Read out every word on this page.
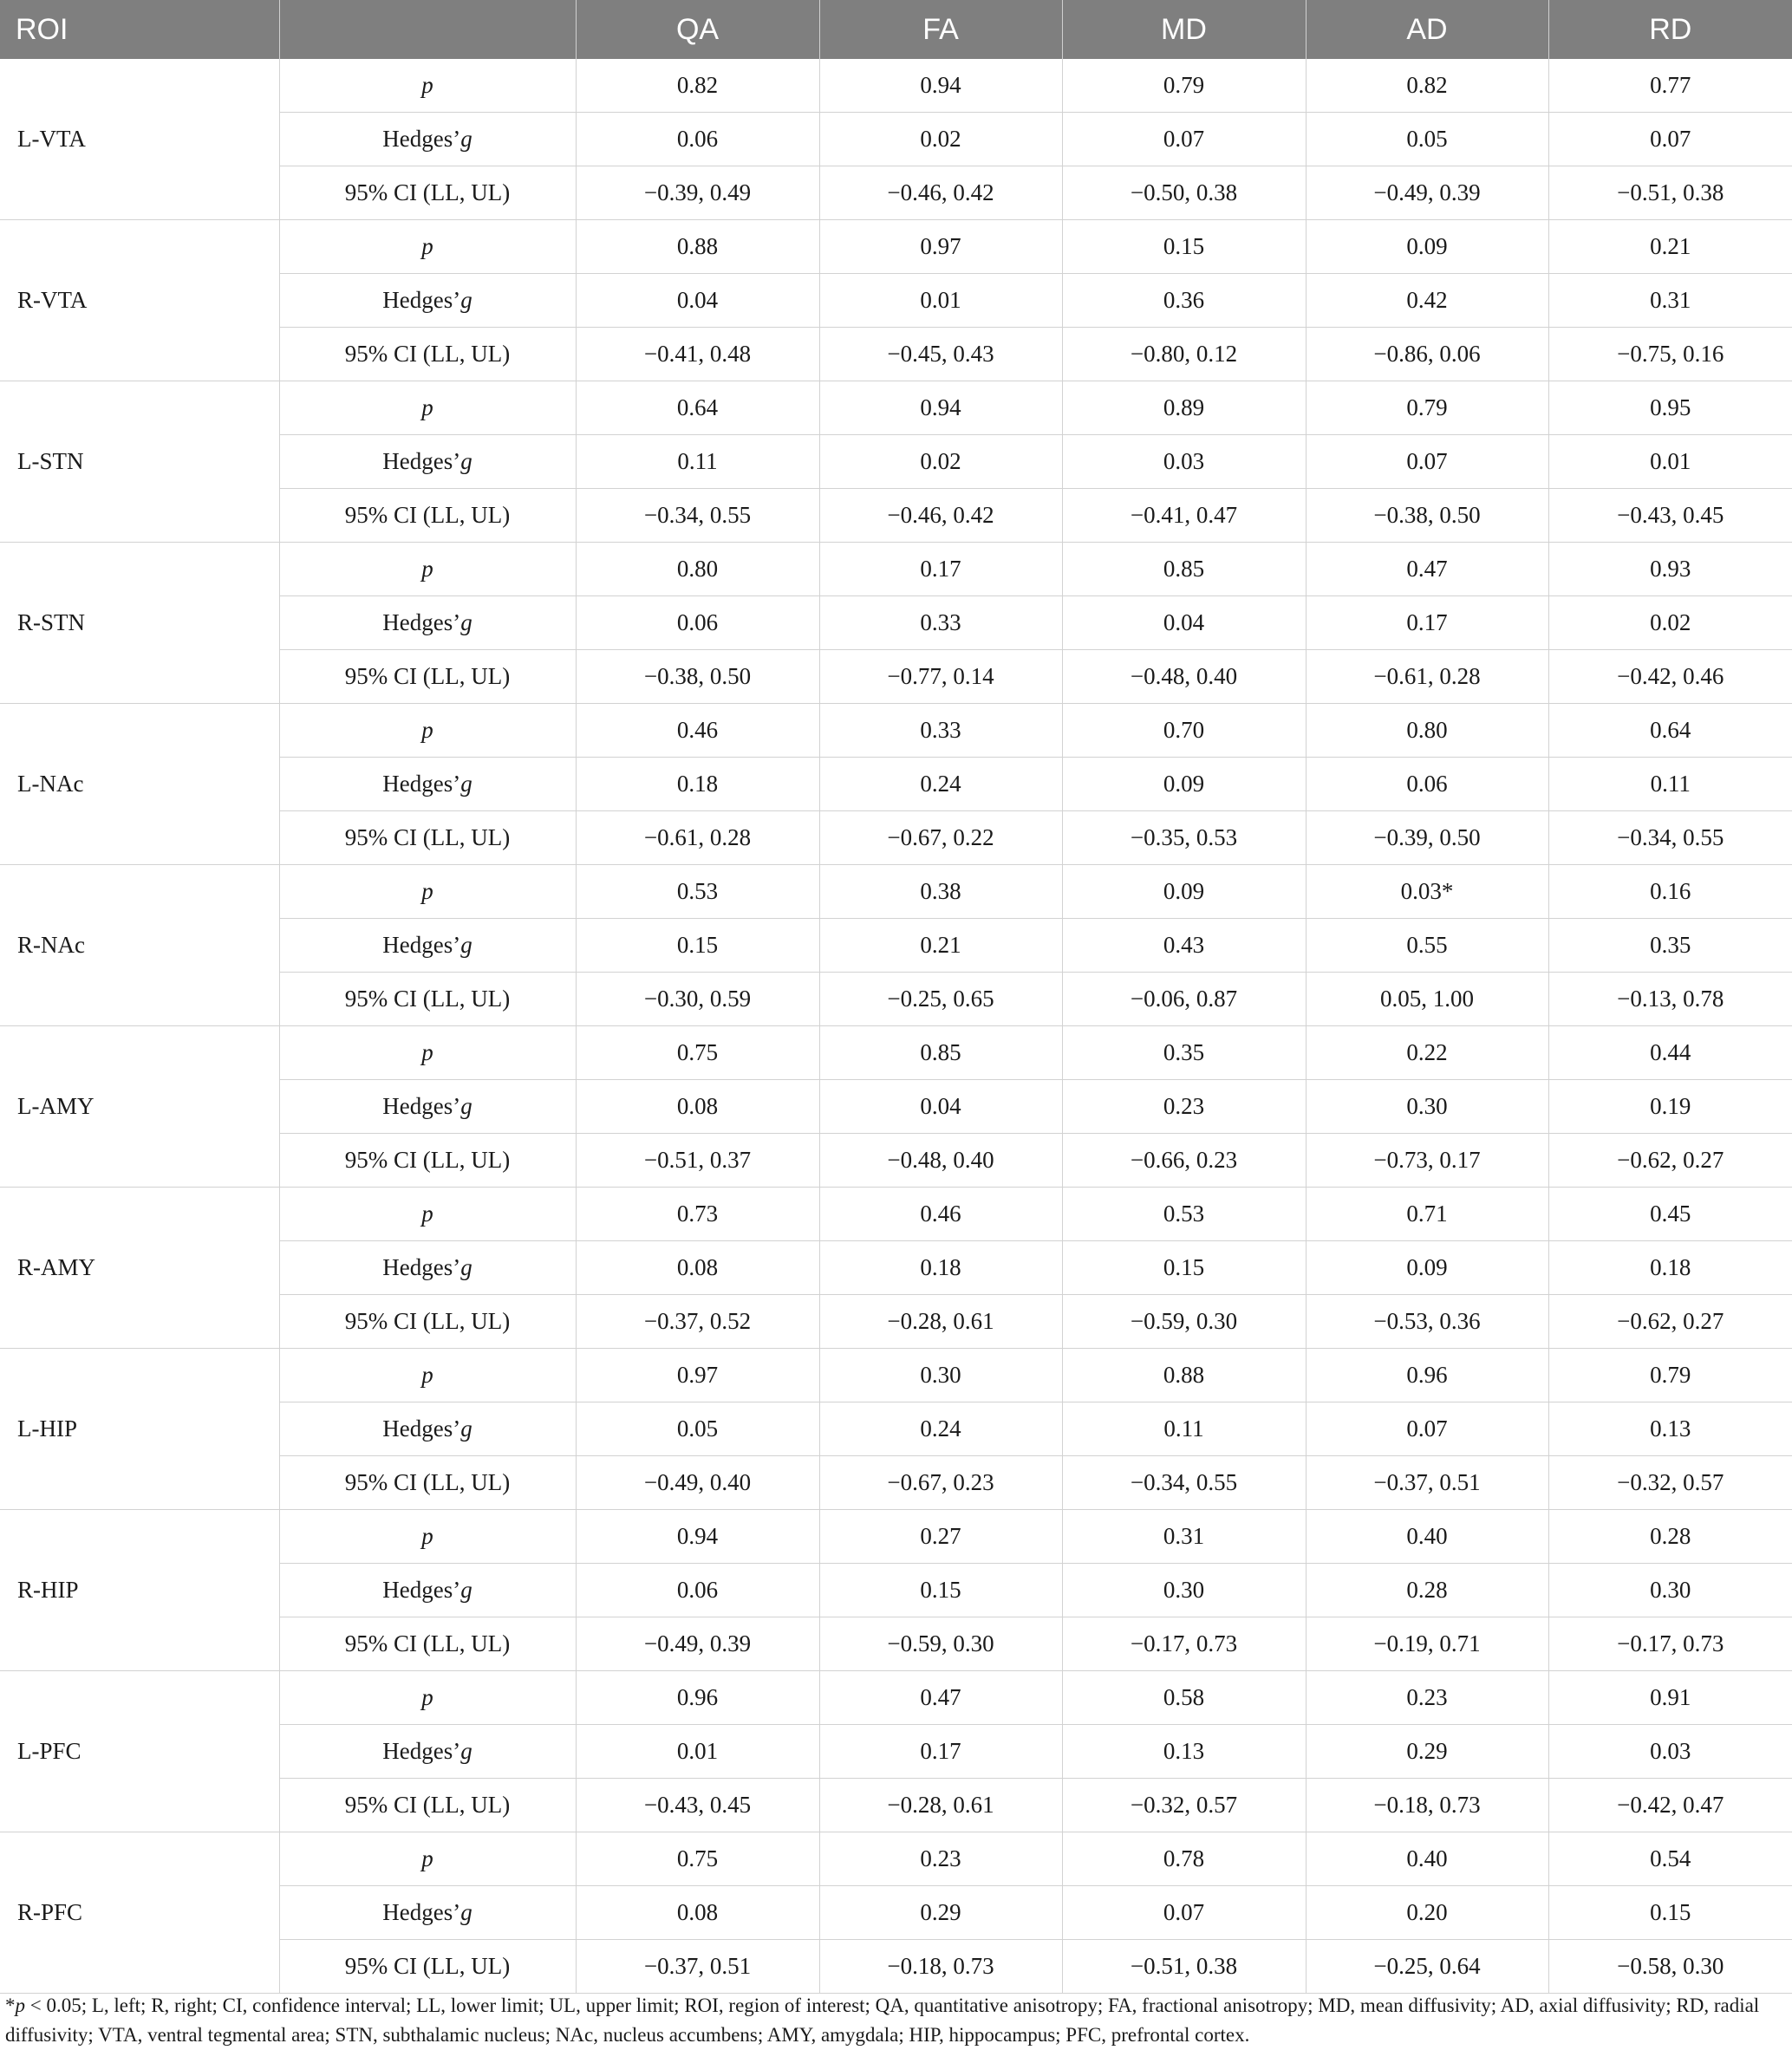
ROI		QA	FA	MD	AD	RD
L-VTA	p	0.82	0.94	0.79	0.82	0.77
	Hedges’g	0.06	0.02	0.07	0.05	0.07
	95% CI (LL, UL)	−0.39, 0.49	−0.46, 0.42	−0.50, 0.38	−0.49, 0.39	−0.51, 0.38
R-VTA	p	0.88	0.97	0.15	0.09	0.21
	Hedges’g	0.04	0.01	0.36	0.42	0.31
	95% CI (LL, UL)	−0.41, 0.48	−0.45, 0.43	−0.80, 0.12	−0.86, 0.06	−0.75, 0.16
L-STN	p	0.64	0.94	0.89	0.79	0.95
	Hedges’g	0.11	0.02	0.03	0.07	0.01
	95% CI (LL, UL)	−0.34, 0.55	−0.46, 0.42	−0.41, 0.47	−0.38, 0.50	−0.43, 0.45
R-STN	p	0.80	0.17	0.85	0.47	0.93
	Hedges’g	0.06	0.33	0.04	0.17	0.02
	95% CI (LL, UL)	−0.38, 0.50	−0.77, 0.14	−0.48, 0.40	−0.61, 0.28	−0.42, 0.46
L-NAc	p	0.46	0.33	0.70	0.80	0.64
	Hedges’g	0.18	0.24	0.09	0.06	0.11
	95% CI (LL, UL)	−0.61, 0.28	−0.67, 0.22	−0.35, 0.53	−0.39, 0.50	−0.34, 0.55
R-NAc	p	0.53	0.38	0.09	0.03*	0.16
	Hedges’g	0.15	0.21	0.43	0.55	0.35
	95% CI (LL, UL)	−0.30, 0.59	−0.25, 0.65	−0.06, 0.87	0.05, 1.00	−0.13, 0.78
L-AMY	p	0.75	0.85	0.35	0.22	0.44
	Hedges’g	0.08	0.04	0.23	0.30	0.19
	95% CI (LL, UL)	−0.51, 0.37	−0.48, 0.40	−0.66, 0.23	−0.73, 0.17	−0.62, 0.27
R-AMY	p	0.73	0.46	0.53	0.71	0.45
	Hedges’g	0.08	0.18	0.15	0.09	0.18
	95% CI (LL, UL)	−0.37, 0.52	−0.28, 0.61	−0.59, 0.30	−0.53, 0.36	−0.62, 0.27
L-HIP	p	0.97	0.30	0.88	0.96	0.79
	Hedges’g	0.05	0.24	0.11	0.07	0.13
	95% CI (LL, UL)	−0.49, 0.40	−0.67, 0.23	−0.34, 0.55	−0.37, 0.51	−0.32, 0.57
R-HIP	p	0.94	0.27	0.31	0.40	0.28
	Hedges’g	0.06	0.15	0.30	0.28	0.30
	95% CI (LL, UL)	−0.49, 0.39	−0.59, 0.30	−0.17, 0.73	−0.19, 0.71	−0.17, 0.73
L-PFC	p	0.96	0.47	0.58	0.23	0.91
	Hedges’g	0.01	0.17	0.13	0.29	0.03
	95% CI (LL, UL)	−0.43, 0.45	−0.28, 0.61	−0.32, 0.57	−0.18, 0.73	−0.42, 0.47
R-PFC	p	0.75	0.23	0.78	0.40	0.54
	Hedges’g	0.08	0.29	0.07	0.20	0.15
	95% CI (LL, UL)	−0.37, 0.51	−0.18, 0.73	−0.51, 0.38	−0.25, 0.64	−0.58, 0.30
*p < 0.05; L, left; R, right; CI, confidence interval; LL, lower limit; UL, upper limit; ROI, region of interest; QA, quantitative anisotropy; FA, fractional anisotropy; MD, mean diffusivity; AD, axial diffusivity; RD, radial diffusivity; VTA, ventral tegmental area; STN, subthalamic nucleus; NAc, nucleus accumbens; AMY, amygdala; HIP, hippocampus; PFC, prefrontal cortex.
